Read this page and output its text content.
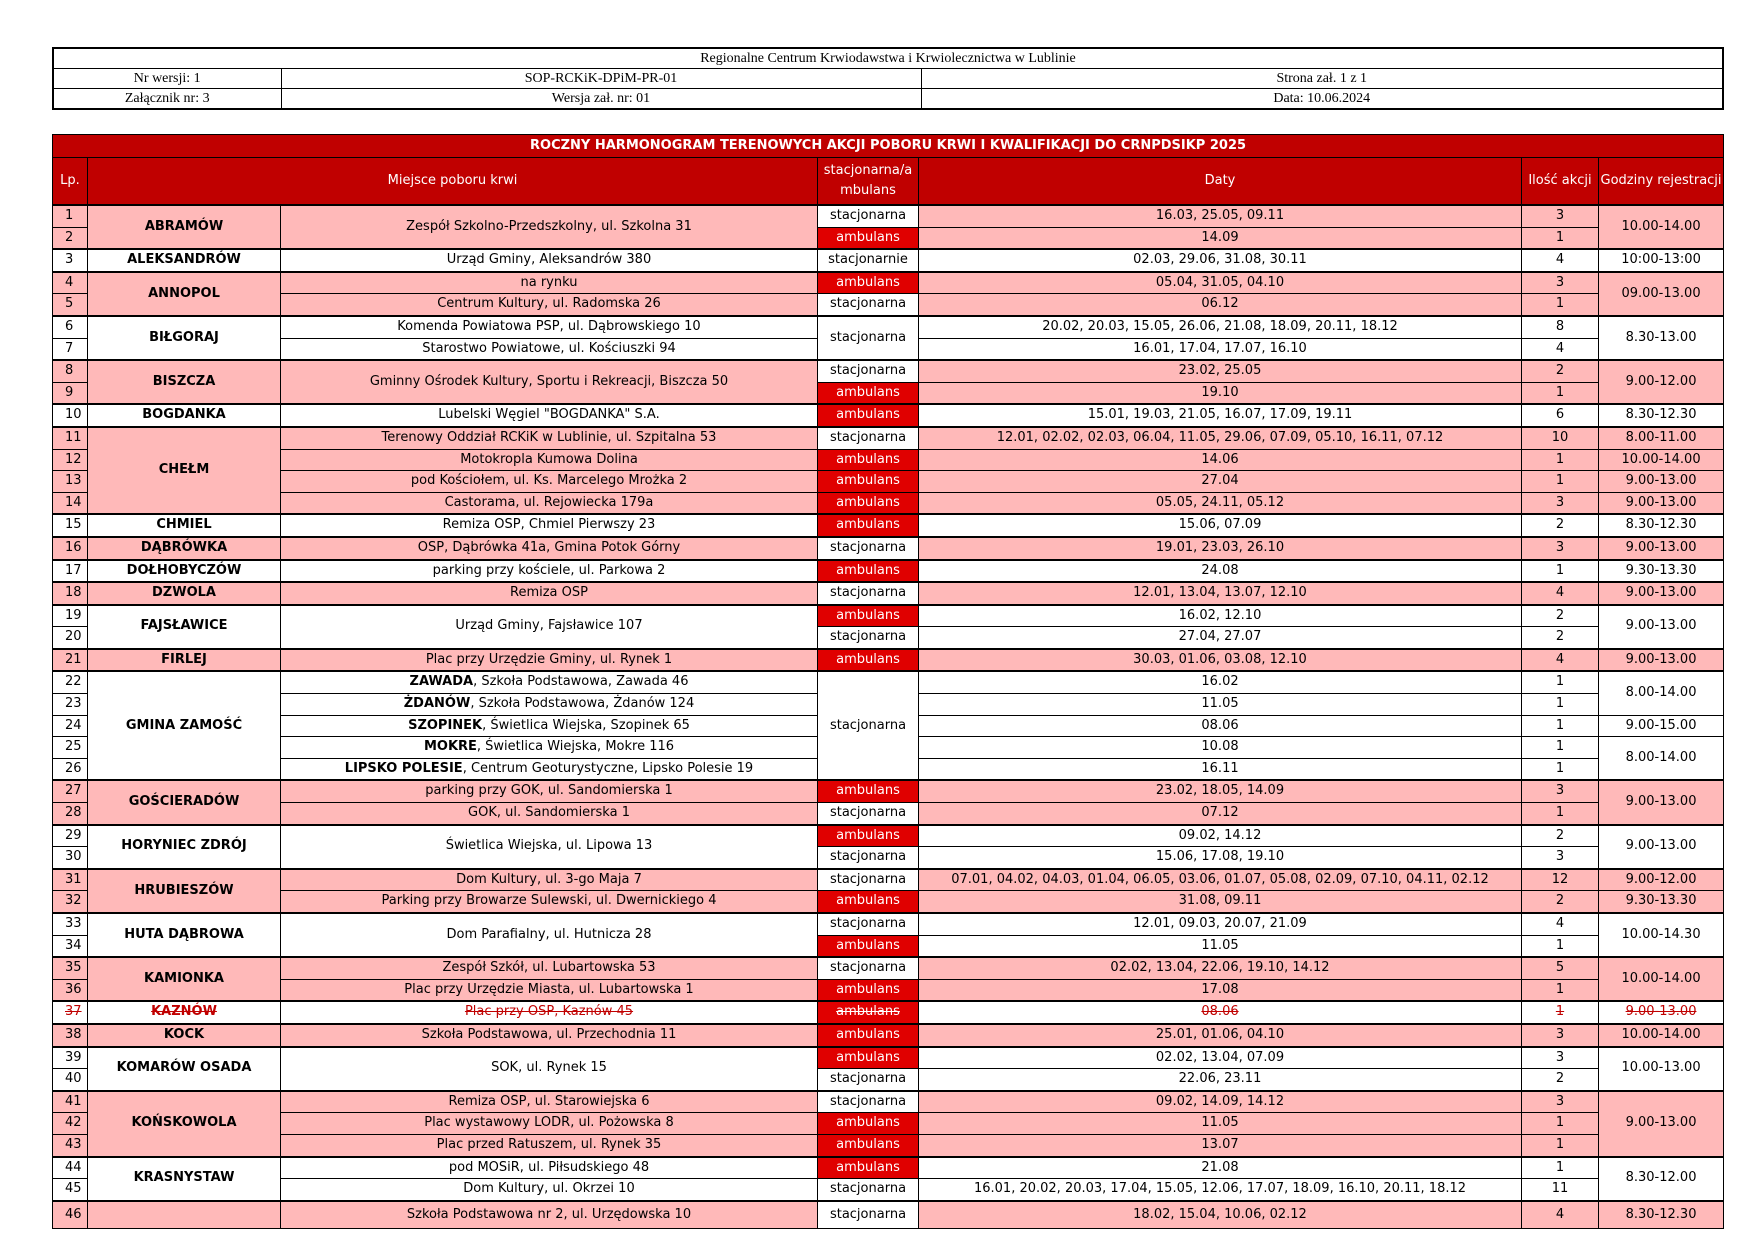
Regionalne Centrum Krwiodawstwa i Krwiolecznictwa w Lublinie		
Nr wersji: 1	SOP-RCKiK-DPiM-PR-01	Strona zał. 1 z 1
Załącznik nr: 3	Wersja zał. nr: 01	Data: 10.06.2024
ROCZNY HARMONOGRAM TERENOWYCH AKCJI POBORU KRWI I KWALIFIKACJI DO CRNPDSIKP 2025						
Lp.	Miejsce poboru krwi		stacjonarna/a mbulans	Daty	Ilość akcji	Godziny rejestracji
1	ABRAMÓW	Zespół Szkolno-Przedszkolny, ul. Szkolna 31	stacjonarna	16.03, 25.05, 09.11	3	10.00-14.00
2			ambulans	14.09	1	
3	ALEKSANDRÓW	Urząd Gminy, Aleksandrów 380	stacjonarnie	02.03, 29.06, 31.08, 30.11	4	10:00-13:00
4	ANNOPOL	na rynku	ambulans	05.04, 31.05, 04.10	3	09.00-13.00
5		Centrum Kultury, ul. Radomska 26	stacjonarna	06.12	1	
6	BIŁGORAJ	Komenda Powiatowa PSP, ul. Dąbrowskiego 10	stacjonarna	20.02, 20.03, 15.05, 26.06, 21.08, 18.09, 20.11, 18.12	8	8.30-13.00
7		Starostwo Powiatowe, ul. Kościuszki 94		16.01, 17.04, 17.07, 16.10	4	
8	BISZCZA	Gminny Ośrodek Kultury, Sportu i Rekreacji, Biszcza 50	stacjonarna	23.02, 25.05	2	9.00-12.00
9			ambulans	19.10	1	
10	BOGDANKA	Lubelski Węgiel "BOGDANKA" S.A.	ambulans	15.01, 19.03, 21.05, 16.07, 17.09, 19.11	6	8.30-12.30
11	CHEŁM	Terenowy Oddział RCKiK w Lublinie, ul. Szpitalna 53	stacjonarna	12.01, 02.02, 02.03, 06.04, 11.05, 29.06, 07.09, 05.10, 16.11, 07.12	10	8.00-11.00
12		Motokropla Kumowa Dolina	ambulans	14.06	1	10.00-14.00
13		pod Kościołem, ul. Ks. Marcelego Mrożka 2	ambulans	27.04	1	9.00-13.00
14		Castorama, ul. Rejowiecka 179a	ambulans	05.05, 24.11, 05.12	3	9.00-13.00
15	CHMIEL	Remiza OSP, Chmiel Pierwszy 23	ambulans	15.06, 07.09	2	8.30-12.30
16	DĄBRÓWKA	OSP, Dąbrówka 41a, Gmina Potok Górny	stacjonarna	19.01, 23.03, 26.10	3	9.00-13.00
17	DOŁHOBYCZÓW	parking przy kościele, ul. Parkowa 2	ambulans	24.08	1	9.30-13.30
18	DZWOLA	Remiza OSP	stacjonarna	12.01, 13.04, 13.07, 12.10	4	9.00-13.00
19	FAJSŁAWICE	Urząd Gminy, Fajsławice 107	ambulans	16.02, 12.10	2	9.00-13.00
20			stacjonarna	27.04, 27.07	2	
21	FIRLEJ	Plac przy Urzędzie Gminy, ul. Rynek 1	ambulans	30.03, 01.06, 03.08, 12.10	4	9.00-13.00
22	GMINA ZAMOŚĆ	ZAWADA, Szkoła Podstawowa, Zawada 46	stacjonarna	16.02	1	8.00-14.00
23		ŻDANÓW, Szkoła Podstawowa, Żdanów 124		11.05	1	
24		SZOPINEK, Świetlica Wiejska, Szopinek 65		08.06	1	9.00-15.00
25		MOKRE, Świetlica Wiejska, Mokre 116		10.08	1	8.00-14.00
26		LIPSKO POLESIE, Centrum Geoturystyczne, Lipsko Polesie 19		16.11	1	
27	GOŚCIERADÓW	parking przy GOK, ul. Sandomierska 1	ambulans	23.02, 18.05, 14.09	3	9.00-13.00
28		GOK, ul. Sandomierska 1	stacjonarna	07.12	1	
29	HORYNIEC ZDRÓJ	Świetlica Wiejska, ul. Lipowa 13	ambulans	09.02, 14.12	2	9.00-13.00
30			stacjonarna	15.06, 17.08, 19.10	3	
31	HRUBIESZÓW	Dom Kultury, ul. 3-go Maja 7	stacjonarna	07.01, 04.02, 04.03, 01.04, 06.05, 03.06, 01.07, 05.08, 02.09, 07.10, 04.11, 02.12	12	9.00-12.00
32		Parking przy Browarze Sulewski, ul. Dwernickiego 4	ambulans	31.08, 09.11	2	9.30-13.30
33	HUTA DĄBROWA	Dom Parafialny, ul. Hutnicza 28	stacjonarna	12.01, 09.03, 20.07, 21.09	4	10.00-14.30
34			ambulans	11.05	1	
35	KAMIONKA	Zespół Szkół, ul. Lubartowska 53	stacjonarna	02.02, 13.04, 22.06, 19.10, 14.12	5	10.00-14.00
36		Plac przy Urzędzie Miasta, ul. Lubartowska 1	ambulans	17.08	1	
37	KAZNÓW	Plac przy OSP, Kaznów 45	ambulans	08.06	1	9.00-13.00
38	KOCK	Szkoła Podstawowa, ul. Przechodnia 11	ambulans	25.01, 01.06, 04.10	3	10.00-14.00
39	KOMARÓW OSADA	SOK, ul. Rynek 15	ambulans	02.02, 13.04, 07.09	3	10.00-13.00
40			stacjonarna	22.06, 23.11	2	
41	KOŃSKOWOLA	Remiza OSP, ul. Starowiejska 6	stacjonarna	09.02, 14.09, 14.12	3	9.00-13.00
42		Plac wystawowy LODR, ul. Pożowska 8	ambulans	11.05	1	
43		Plac przed Ratuszem, ul. Rynek 35	ambulans	13.07	1	
44	KRASNYSTAW	pod MOSiR, ul. Piłsudskiego 48	ambulans	21.08	1	8.30-12.00
45		Dom Kultury, ul. Okrzei 10	stacjonarna	16.01, 20.02, 20.03, 17.04, 15.05, 12.06, 17.07, 18.09, 16.10, 20.11, 18.12	11	
46		Szkoła Podstawowa nr 2, ul. Urzędowska 10	stacjonarna	18.02, 15.04, 10.06, 02.12	4	8.30-12.30
